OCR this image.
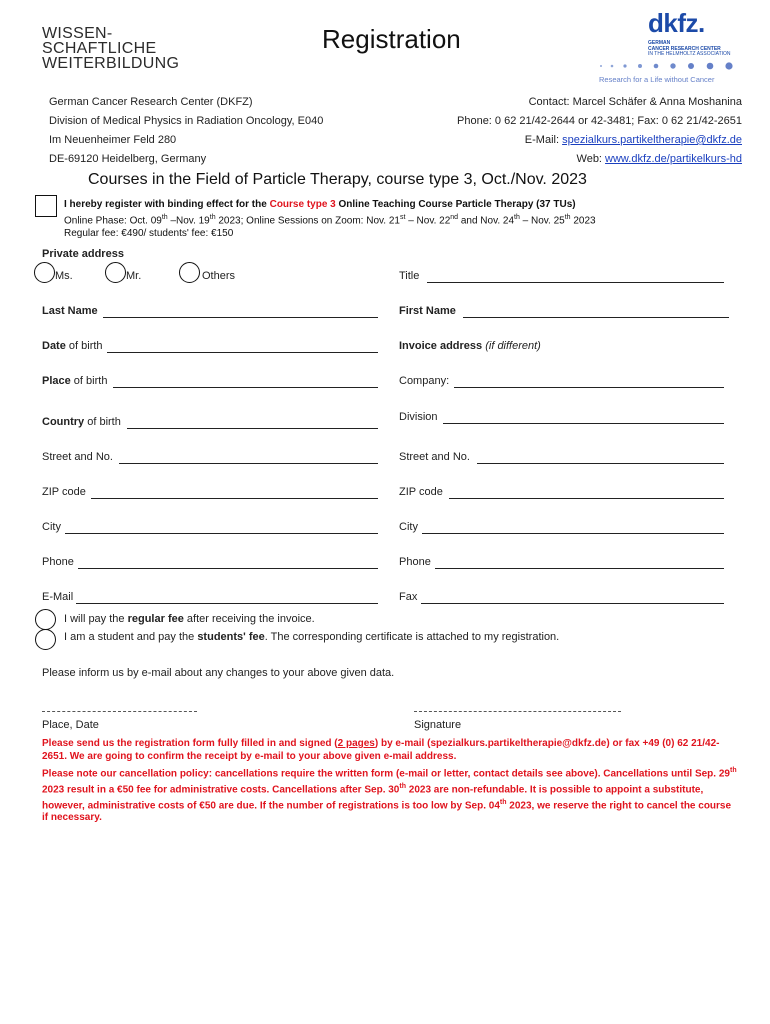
WISSEN-
SCHAFTLICHE
WEITERBILDUNG
Registration
dkfz.
GERMAN
CANCER RESEARCH CENTER
IN THE HELMHOLTZ ASSOCIATION
Research for a Life without Cancer
German Cancer Research Center (DKFZ)
Division of Medical Physics in Radiation Oncology, E040
Im Neuenheimer Feld 280
DE-69120 Heidelberg, Germany
Contact: Marcel Schäfer & Anna Moshanina
Phone: 0 62 21/42-2644 or 42-3481; Fax: 0 62 21/42-2651
E-Mail: spezialkurs.partikeltherapie@dkfz.de
Web: www.dkfz.de/partikelkurs-hd
Courses in the Field of Particle Therapy, course type 3, Oct./Nov. 2023
I hereby register with binding effect for the Course type 3 Online Teaching Course Particle Therapy (37 TUs)
Online Phase: Oct. 09th –Nov. 19th 2023; Online Sessions on Zoom: Nov. 21st – Nov. 22nd and Nov. 24th – Nov. 25th 2023
Regular fee: €490/ students' fee: €150
Private address
Ms.	Mr.	Others	Title
Last Name	First Name
Date of birth	Invoice address (if different)
Place of birth	Company:
Country of birth	Division
Street and No.	Street and No.
ZIP code	ZIP code
City	City
Phone	Phone
E-Mail	Fax
I will pay the regular fee after receiving the invoice.
I am a student and pay the students' fee. The corresponding certificate is attached to my registration.
Please inform us by e-mail about any changes to your above given data.
Place, Date	Signature
Please send us the registration form fully filled in and signed (2 pages) by e-mail (spezialkurs.partikeltherapie@dkfz.de) or fax +49 (0) 62 21/42-2651. We are going to confirm the receipt by e-mail to your above given e-mail address.
Please note our cancellation policy: cancellations require the written form (e-mail or letter, contact details see above). Cancellations until Sep. 29th 2023 result in a €50 fee for administrative costs. Cancellations after Sep. 30th 2023 are non-refundable. It is possible to appoint a substitute, however, administrative costs of €50 are due. If the number of registrations is too low by Sep. 04th 2023, we reserve the right to cancel the course if necessary.
